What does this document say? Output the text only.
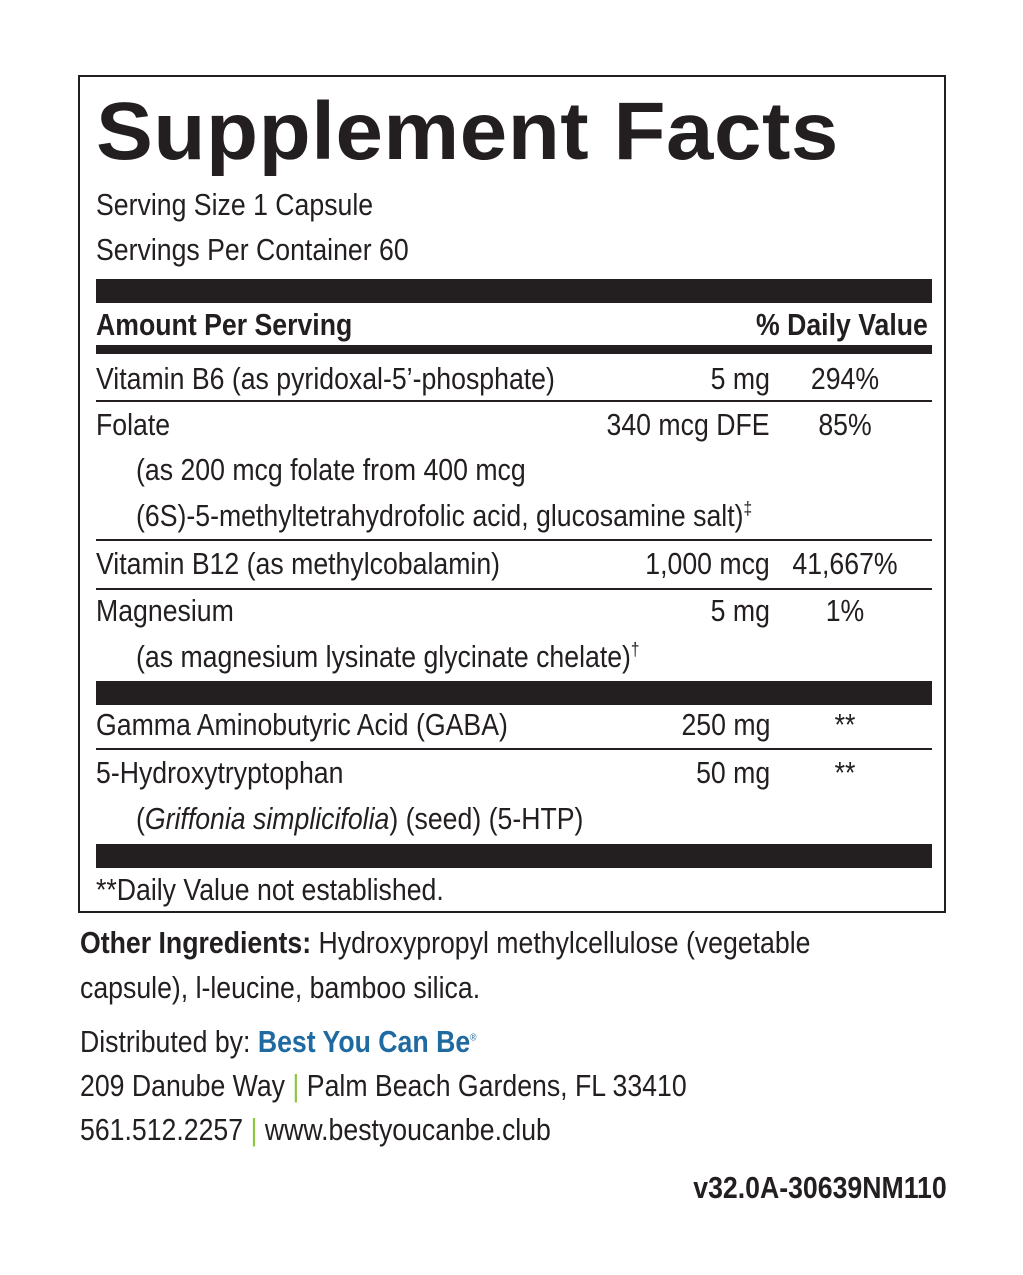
Supplement Facts
Serving Size 1 Capsule
Servings Per Container 60
Amount Per Serving	% Daily Value
Vitamin B6 (as pyridoxal-5’-phosphate)	5 mg	294%
Folate	340 mcg DFE	85%
(as 200 mcg folate from 400 mcg
(6S)-5-methyltetrahydrofolic acid, glucosamine salt)‡
Vitamin B12 (as methylcobalamin)	1,000 mcg 41,667%
Magnesium	5 mg	1%
(as magnesium lysinate glycinate chelate)†
Gamma Aminobutyric Acid (GABA)	250 mg	**
5-Hydroxytryptophan	50 mg	**
(Griffonia simplicifolia) (seed) (5-HTP)
**Daily Value not established.
Other Ingredients: Hydroxypropyl methylcellulose (vegetable
capsule), l-leucine, bamboo silica.
Distributed by: Best You Can Be®
209 Danube Way | Palm Beach Gardens, FL 33410
561.512.2257 | www.bestyoucanbe.club
v32.0A-30639NM110
